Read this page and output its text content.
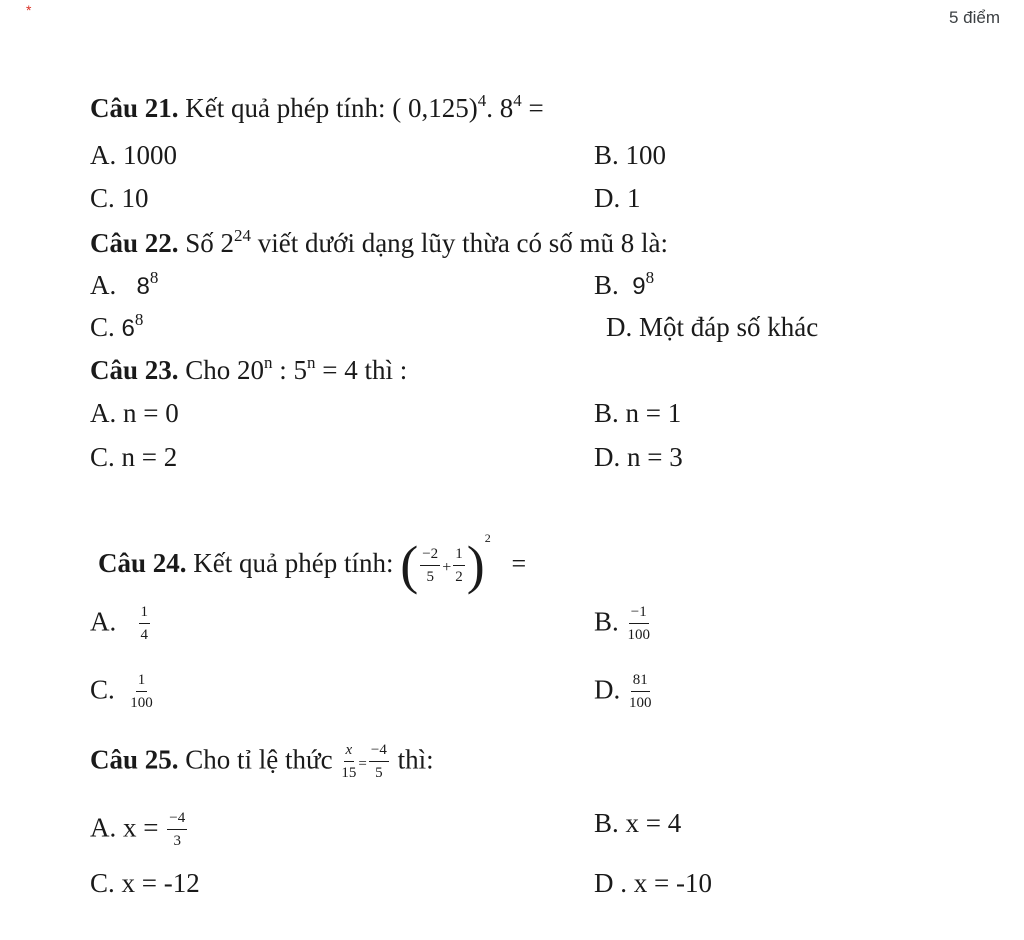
*	5 điểm
Câu 21. Kết quả phép tính: ( 0,125)$^4$. $8^4$ =
A. 1000	B. 100
C. 10	D. 1
Câu 22. Số $2^{24}$ viết dưới dạng lũy thừa có số mũ 8 là:
A. $8^8$	B. $9^8$
C. $6^8$	D. Một đáp số khác
Câu 23. Cho 20$^n$ : $5^n = 4$ thì :
A. n = 0	B. n = 1
C. n = 2	D. n = 3
Câu 24. Kết quả phép tính: ( $\frac{-2}{5} + \frac{1}{2} )^2$ =
A. $\frac{1}{4}$	B. $\frac{-1}{100}$
C. $\frac{1}{100}$	D. $\frac{81}{100}$
Câu 25. Cho tỉ lệ thức $\frac{x}{15} = \frac{-4}{5}$ thì:
A. $x = \frac{-4}{3}$	B. x = 4
C. x = -12	D . x = -10
